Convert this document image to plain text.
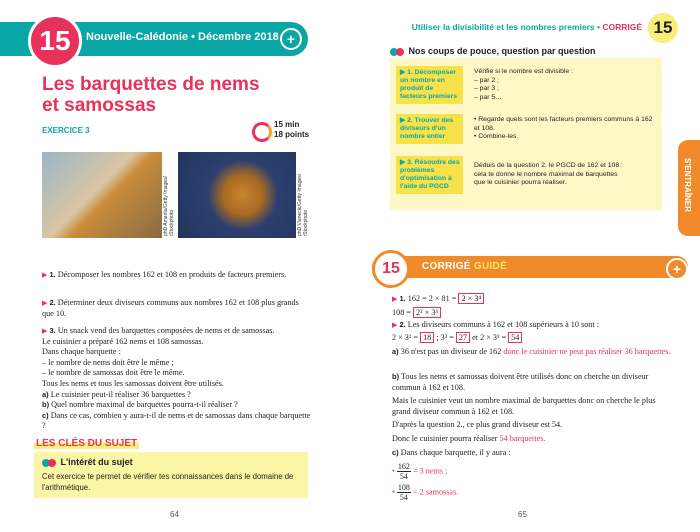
15	Nouvelle-Calédonie • Décembre 2018 +
Les barquettes de nems
et samossas
EXERCICE 3
15 min
18 points
phD Amarita/Getty Images/ iStockphoto	phD Vianecle/Getty Images/ iStockphoto
▶ 1. Décomposer les nombres 162 et 108 en produits de facteurs premiers.
▶ 2. Déterminer deux diviseurs communs aux nombres 162 et 108 plus grands que 10.
▶ 3. Un snack vend des barquettes composées de nems et de samossas.
Le cuisinier a préparé 162 nems et 108 samossas.
Dans chaque barquette :
– le nombre de nems doit être le même ;
– le nombre de samossas doit être le même.
Tous les nems et tous les samossas doivent être utilisés.
a) Le cuisinier peut-il réaliser 36 barquettes ?
b) Quel nombre maximal de barquettes pourra-t-il réaliser ?
c) Dans ce cas, combien y aura-t-il de nems et de samossas dans chaque barquette ?
LES CLÉS DU SUJET
L'intérêt du sujet
Cet exercice te permet de vérifier tes connaissances dans le domaine de l'arithmétique.
64
Utiliser la divisibilité et les nombres premiers • CORRIGÉ 15
Nos coups de pouce, question par question
▶ 1. Décomposer un nombre en produit de facteurs premiers
Vérifie si le nombre est divisible :
– par 2 ;
– par 3 ;
– par 5…
▶ 2. Trouver des diviseurs d'un nombre entier
• Regarde quels sont les facteurs premiers communs à 162 et 108.
• Combine-les.
▶ 3. Résoudre des problèmes d'optimisation à l'aide du PGCD
Déduis de la question 2. le PGCD de 162 et 108 :
cela te donne le nombre maximal de barquettes
que le cuisinier pourra réaliser.	S'ENTRAÎNER
15	CORRIGÉ GUIDÉ	+
▶ 1. 162 = 2 × 81 = 2 × 3⁴
108 = 2² × 3³
▶ 2. Les diviseurs communs à 162 et 108 supérieurs à 10 sont :
2 × 3² = 18 ; 3³ = 27 et 2 × 3³ = 54
a) 36 n'est pas un diviseur de 162 donc le cuisinier ne peut pas réaliser 36 barquettes.
b) Tous les nems et samossas doivent être utilisés donc on cherche un diviseur commun à 162 et 108.
Mais le cuisinier veut un nombre maximal de barquettes donc on cherche le plus grand diviseur commun à 162 et 108.
D'après la question 2., ce plus grand diviseur est 54.
Donc le cuisinier pourra réaliser 54 barquettes.
c) Dans chaque barquette, il y aura :
• $\frac{162}{54} = 3$ nems ;
• $\frac{108}{54} = 2$ samossas.
65
